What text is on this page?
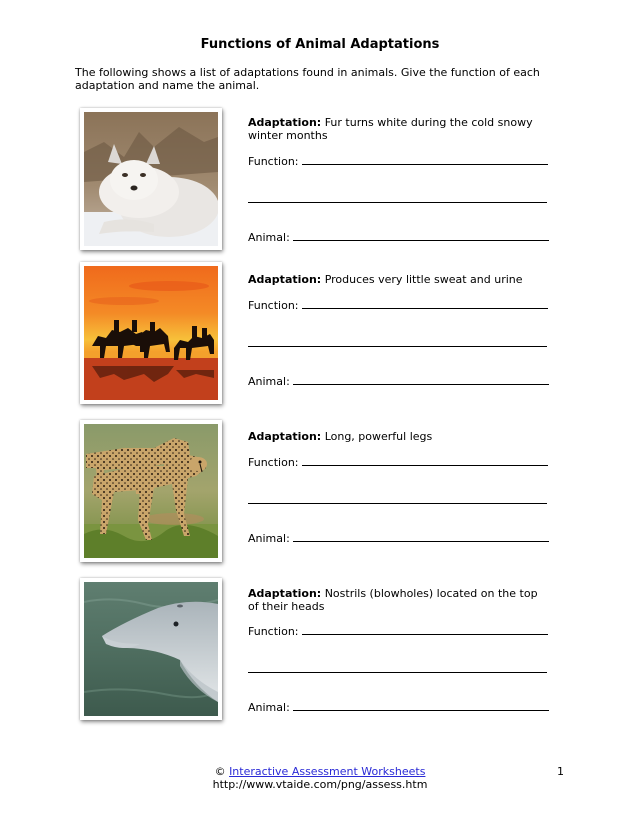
Functions of Animal Adaptations
The following shows a list of adaptations found in animals. Give the function of each adaptation and name the animal.
Adaptation: Fur turns white during the cold snowy winter months
Function:
Animal:
Adaptation: Produces very little sweat and urine
Function:
Animal:
Adaptation: Long, powerful legs
Function:
Animal:
Adaptation: Nostrils (blowholes) located on the top of their heads
Function:
Animal:
© Interactive Assessment Worksheets
http://www.vtaide.com/png/assess.htm
1
